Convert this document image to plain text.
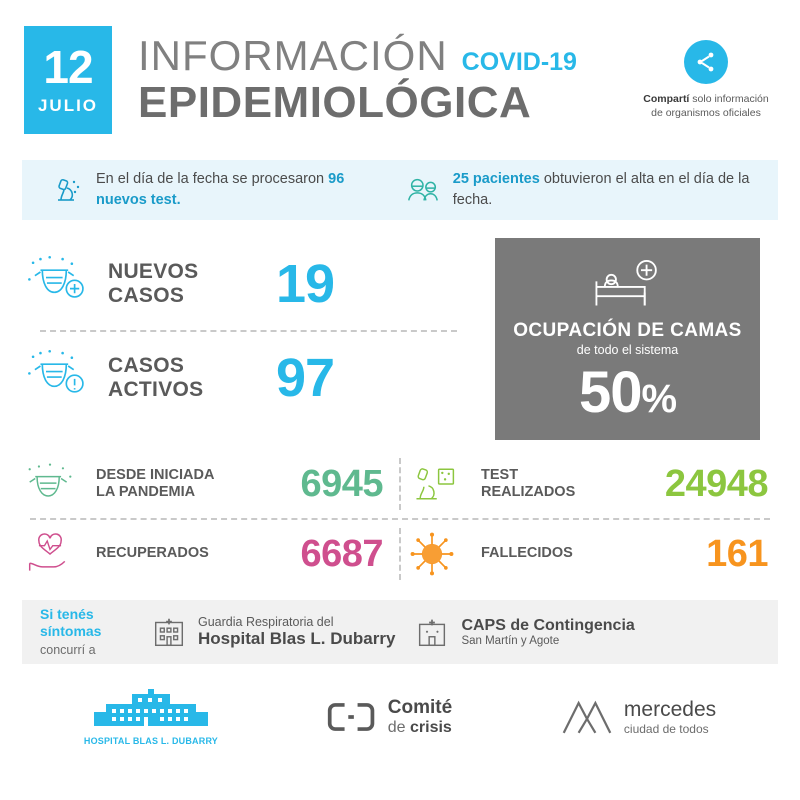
12
JULIO
INFORMACIÓN COVID-19
EPIDEMIOLÓGICA	Compartí solo información de organismos oficiales
En el día de la fecha se procesaron 96 nuevos test.
25 pacientes obtuvieron el alta en el día de la fecha.
NUEVOS CASOS	19
CASOS ACTIVOS	97
OCUPACIÓN DE CAMAS
de todo el sistema
50%
DESDE INICIADA LA PANDEMIA	6945	TEST REALIZADOS	24948
RECUPERADOS	6687	FALLECIDOS	161
Si tenés síntomas concurrí a
Guardia Respiratoria del
Hospital Blas L. Dubarry
CAPS de Contingencia
San Martín y Agote
HOSPITAL BLAS L. DUBARRY
Comité
de crisis
mercedes
ciudad de todos
